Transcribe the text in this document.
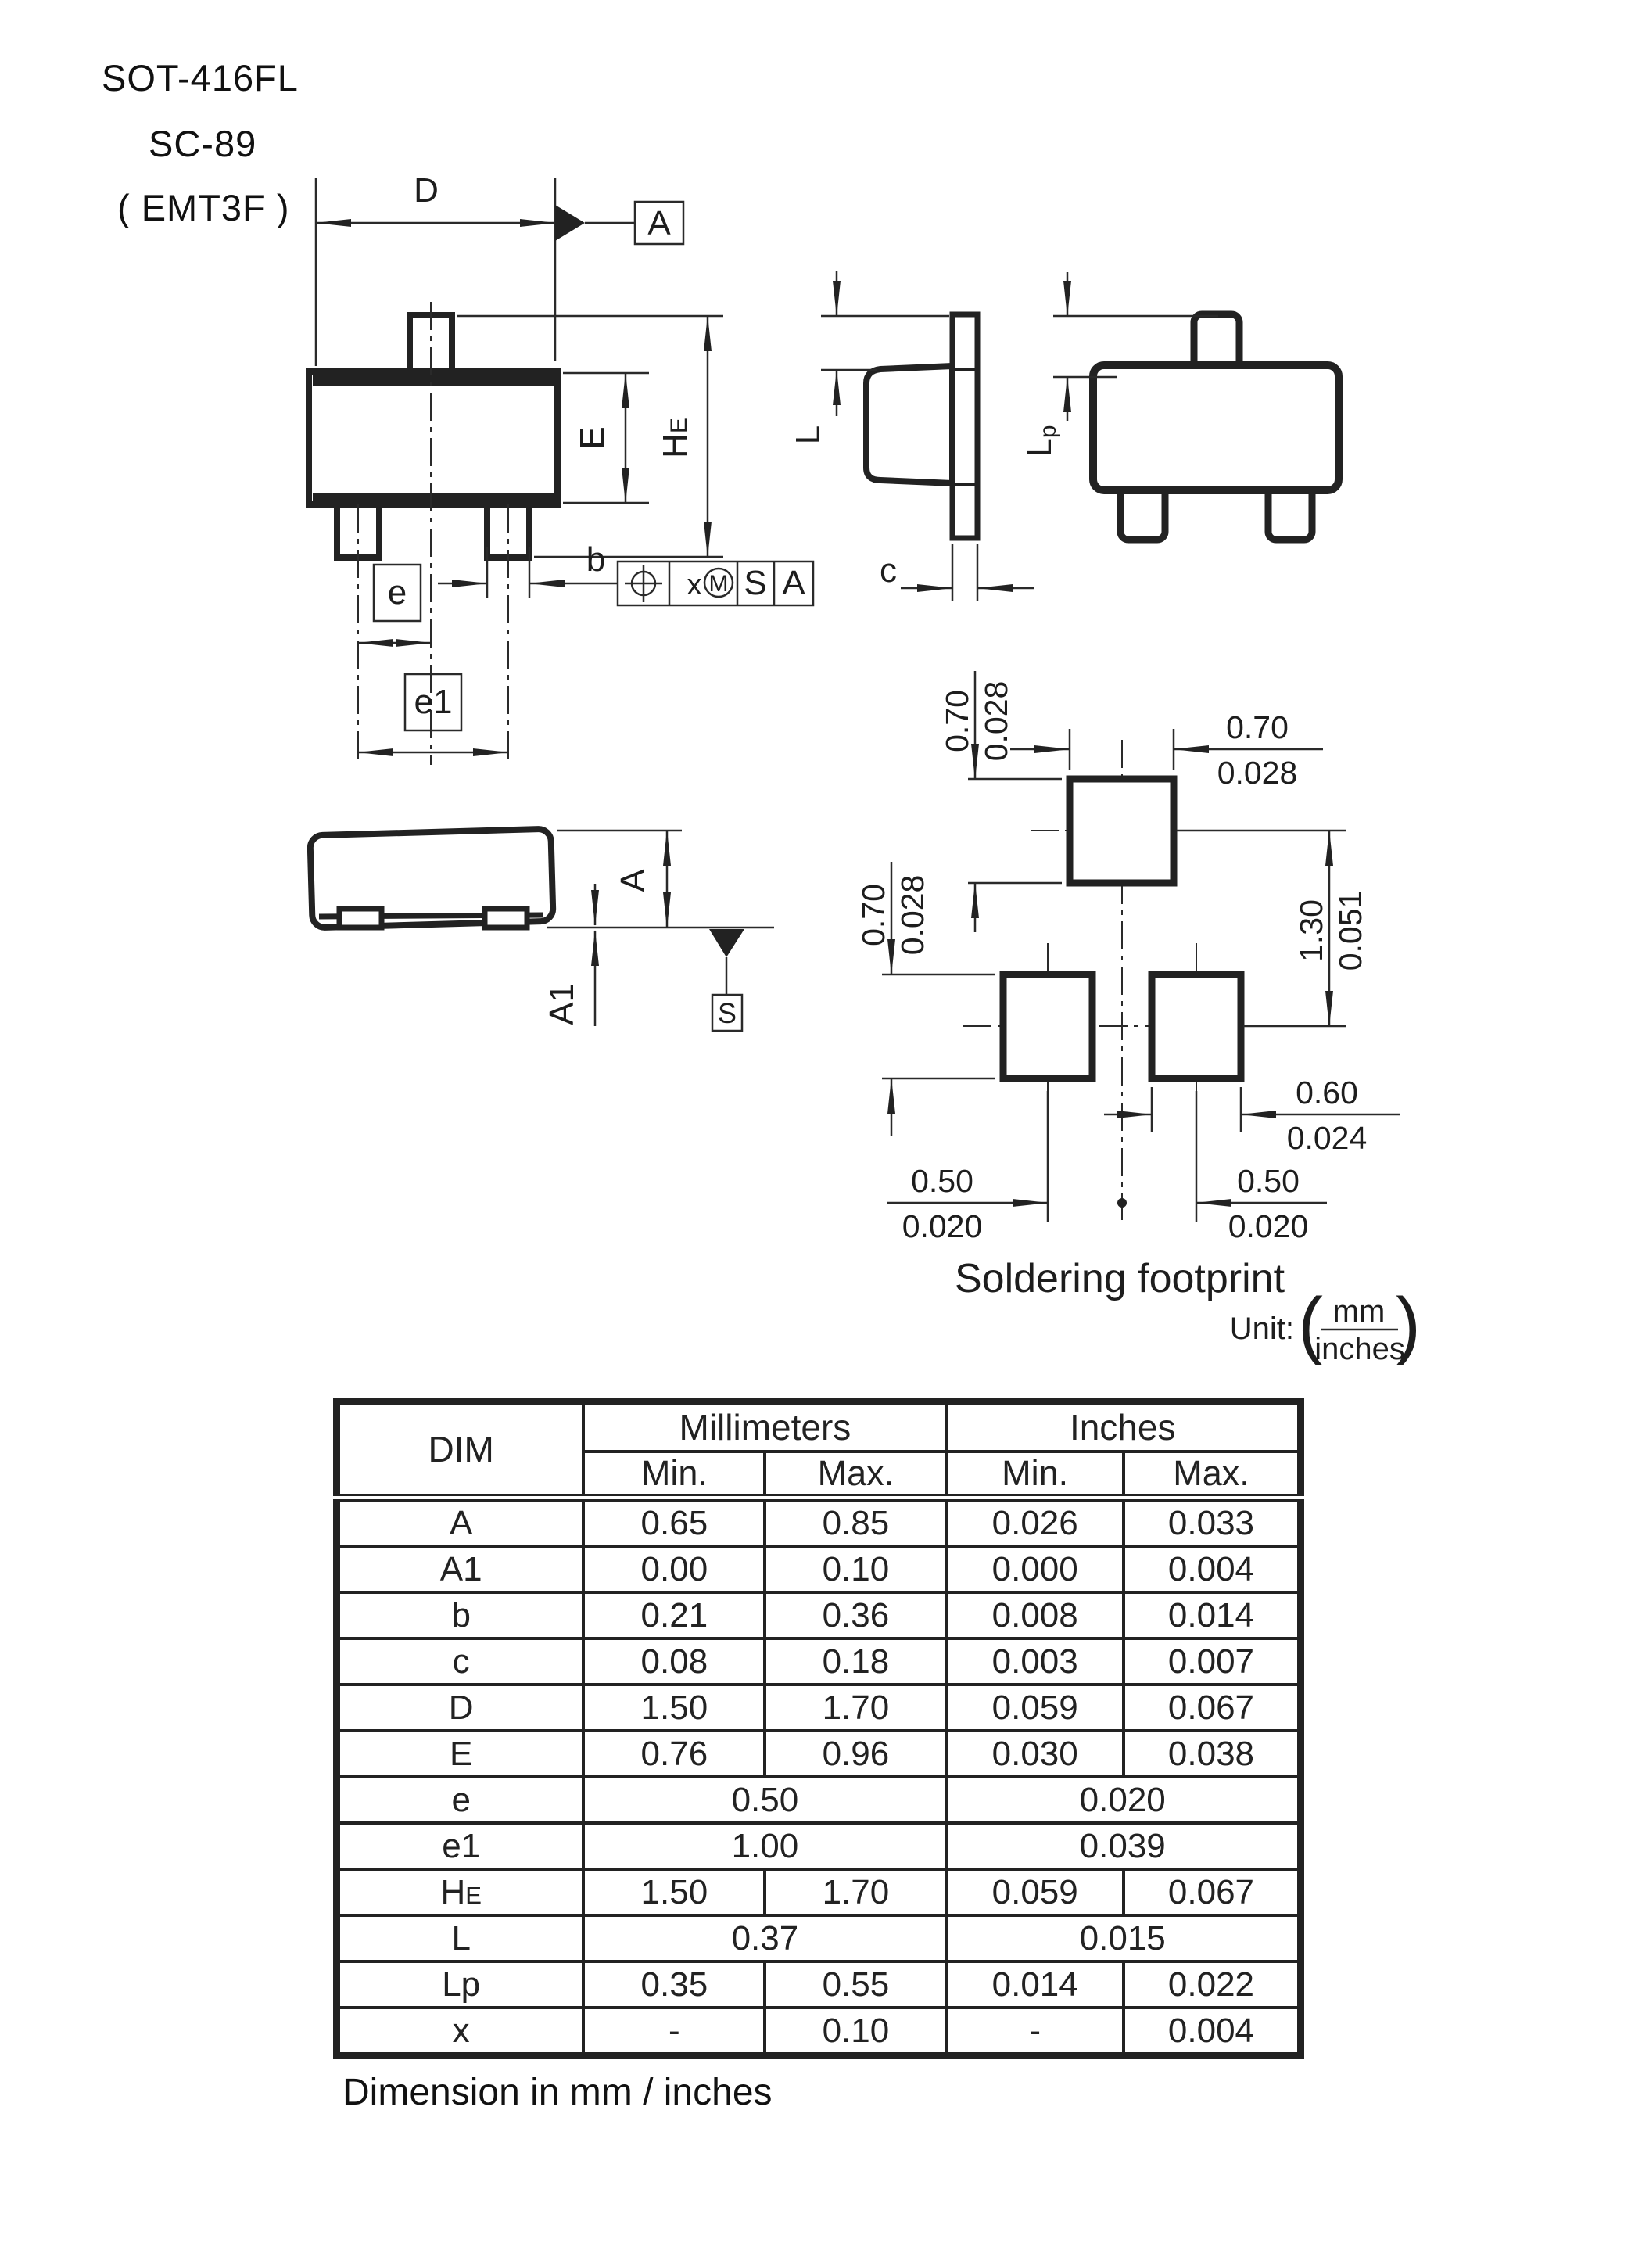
SOT-416FL
SC-89
( EMT3F )	D
A
E HE
b
x M S A
e
e1
L
c
Lp
A
A1	S
0.70
0.028
0.70 0.028
0.70 0.028	1.30 0.051
0.60
0.024
0.50
0.020
0.50
0.020
Soldering footprint
Unit: ( mm
inches
)
DIM	Millimeters		Inches	
	Min.	Max.	Min.	Max.
A	0.65	0.85	0.026	0.033
A1	0.00	0.10	0.000	0.004
b	0.21	0.36	0.008	0.014
c	0.08	0.18	0.003	0.007
D	1.50	1.70	0.059	0.067
E	0.76	0.96	0.030	0.038
e	0.50		0.020	
e1	1.00		0.039	
HE	1.50	1.70	0.059	0.067
L	0.37		0.015	
Lp	0.35	0.55	0.014	0.022
x	-	0.10	-	0.004
Dimension in mm / inches
